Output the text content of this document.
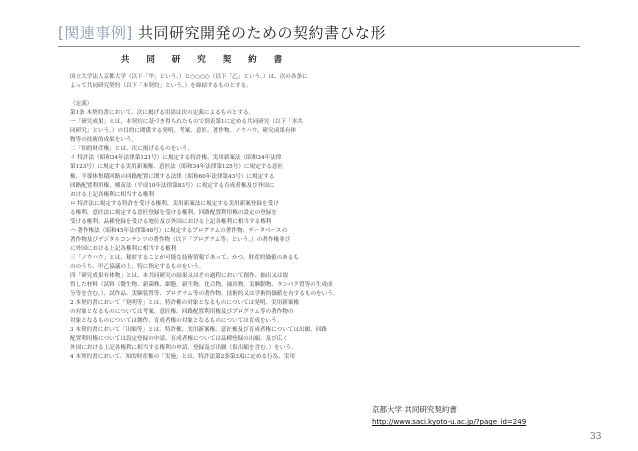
[関連事例] 共同研究開発のための契約書ひな形
共 同 研 究 契 約 書
国立大学法人京都大学（以下「甲」という。）と○○○○（以下「乙」という。）は、次の各条に
よって共同研究契約（以下「本契約」という。）を締結するものとする。
（定義）
第1条 本契約書において、次に掲げる用語は次の定義によるものとする。
一「研究成果」とは、本契約に基づき得られたもので別表第1に定める共同研究（以下「本共
同研究」という。）の目的に関係する発明、考案、意匠、著作物、ノウハウ、研究成果有体
物等の技術的成果をいう。
二「知的財産権」とは、次に掲げるものをいう。
イ 特許法（昭和34年法律第121号）に規定する特許権、実用新案法（昭和34年法律
第123号）に規定する実用新案権、意匠法（昭和34年法律第125号）に規定する意匠
権、半導体集積回路の回路配置に関する法律（昭和60年法律第43号）に規定する
回路配置利用権、種苗法（平成10年法律第83号）に規定する育成者権及び外国に
おける上記各権利に相当する権利
ロ 特許法に規定する特許を受ける権利、実用新案法に規定する実用新案登録を受け
る権利、意匠法に規定する意匠登録を受ける権利、回路配置利用権の設定の登録を
受ける権利、品種登録を受ける地位及び外国における上記各権利に相当する権利
ハ 著作権法（昭和45年法律第48号）に規定するプログラムの著作物、データベースの
著作物及びデジタルコンテンツの著作物（以下「プログラム等」という。）の著作権並び
に外国における上記各権利に相当する権利
三「ノウハウ」とは、秘匿することが可能な技術情報であって、かつ、財産的価値のあるも
ののうち、甲乙協議の上、特に指定するものをいう。
四「研究成果有体物」とは、本共同研究の結果又はその過程において創作、抽出又は取
得した材料（試料（微生物、新菌株、細胞、新生物、化合物、抽出物、実験動物、タンパク質等の生成成
分等を含む。）、試作品、実験装置等、プログラム等の著作物、技術的又は学術的価値を有するものをいう。
2 本契約書において「発明等」とは、特許権の対象となるものについては発明、実用新案権
の対象となるものについては考案、意匠権、回路配置利用権及びプログラム等の著作物の
対象となるものについては創作、育成者権の対象となるものについては育成をいう。
3 本契約書において「出願等」とは、特許権、実用新案権、意匠権及び育成者権については出願、回路
配置利用権については設定登録の申請、育成者権については品種登録の出願、及び広く
外国における上記各権利に相当する権利の申請、登録及び出願（仮出願を含む。）をいう。
4 本契約書において、知的財産権の「実施」とは、特許法第2条第3項に定める行為、実用
京都大学 共同研究契約書
http://www.saci.kyoto-u.ac.jp/?page_id=249
33
